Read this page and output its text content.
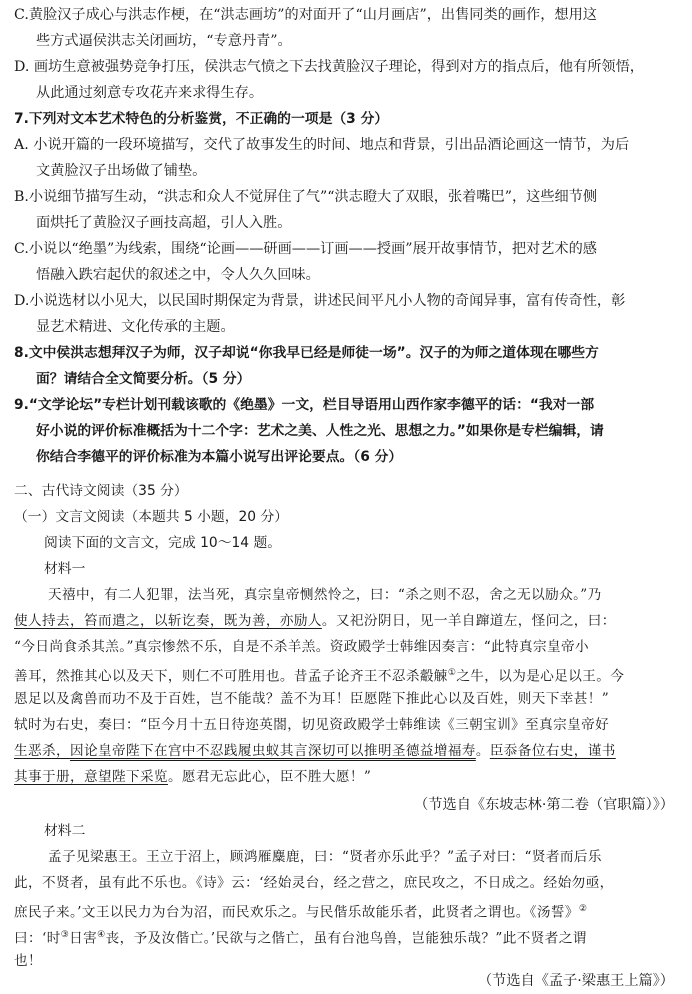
C.黄脸汉子成心与洪志作梗，在“洪志画坊”的对面开了“山月画店”，出售同类的画作，想用这
些方式逼侯洪志关闭画坊，“专意丹青”。
D. 画坊生意被强势竞争打压，侯洪志气愤之下去找黄脸汉子理论，得到对方的指点后，他有所领悟，
从此通过刻意专攻花卉来求得生存。
7.下列对文本艺术特色的分析鉴赏，不正确的一项是（3 分）
A. 小说开篇的一段环境描写，交代了故事发生的时间、地点和背景，引出品酒论画这一情节，为后
文黄脸汉子出场做了铺垫。
B.小说细节描写生动，“洪志和众人不觉屏住了气”“洪志瞪大了双眼，张着嘴巴”，这些细节侧
面烘托了黄脸汉子画技高超，引人入胜。
C.小说以“绝墨”为线索，围绕“论画——研画——订画——授画”展开故事情节，把对艺术的感
悟融入跌宕起伏的叙述之中，令人久久回味。
D.小说选材以小见大，以民国时期保定为背景，讲述民间平凡小人物的奇闻异事，富有传奇性，彰
显艺术精进、文化传承的主题。
8.文中侯洪志想拜汉子为师，汉子却说“你我早已经是师徒一场”。汉子的为师之道体现在哪些方
面？请结合全文简要分析。（5 分）
9.“文学论坛”专栏计划刊载该歌的《绝墨》一文，栏目导语用山西作家李德平的话：“我对一部
好小说的评价标准概括为十二个字：艺术之美、人性之光、思想之力。”如果你是专栏编辑，请
你结合李德平的评价标准为本篇小说写出评论要点。（6 分）
二、古代诗文阅读（35 分）
（一）文言文阅读（本题共 5 小题，20 分）
阅读下面的文言文，完成 10～14 题。
材料一
天禧中，有二人犯罪，法当死，真宗皇帝恻然怜之，曰：“杀之则不忍，舍之无以励众。”乃
使人持去，笞而遣之，以斩讫奏，既为善，亦励人。又祀汾阴日，见一羊自蹿道左，怪问之，曰：
“今日尚食杀其羔。”真宗惨然不乐，自是不杀羊羔。资政殿学士韩维因奏言：“此特真宗皇帝小
善耳，然推其心以及天下，则仁不可胜用也。昔孟子论齐王不忍杀觳觫①之牛，以为是心足以王。今
恩足以及禽兽而功不及于百姓，岂不能哉？盖不为耳！臣愿陛下推此心以及百姓，则天下幸甚！”
轼时为右史，奏曰：“臣今月十五日待迩英閤，切见资政殿学士韩维读《三朝宝训》至真宗皇帝好
生恶杀，因论皇帝陛下在宫中不忍践履虫蚁其言深切可以推明圣德益增福寿。臣忝备位右史，谨书
其事于册，意望陛下采览。愿君无忘此心，臣不胜大愿！”
（节选自《东坡志林·第二卷（官职篇）》）
材料二
孟子见梁惠王。王立于沼上，顾鸿雁麋鹿，曰：“贤者亦乐此乎？”孟子对曰：“贤者而后乐
此，不贤者，虽有此不乐也。《诗》云：‘经始灵台，经之营之，庶民攻之，不日成之。经始勿亟，
庶民子来。’文王以民力为台为沼，而民欢乐之。与民偕乐故能乐者，此贤者之谓也。《汤誓》②
曰：‘时③日害④丧，予及汝偕亡。’民欲与之偕亡，虽有台池鸟兽，岂能独乐哉？”此不贤者之谓
也！
（节选自《孟子·梁惠王上篇》）
